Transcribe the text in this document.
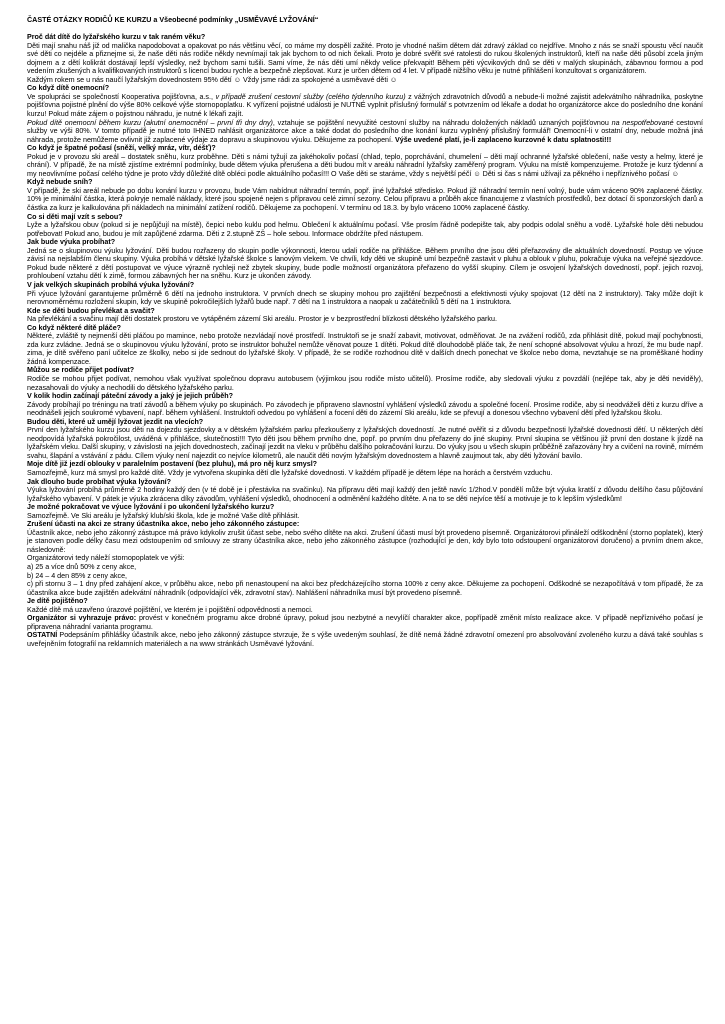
ČASTÉ OTÁZKY RODIČŮ KE KURZU a Všeobecné podmínky „USMĚVAVÉ LYŽOVÁNÍ“

Proč dát dítě do lyžařského kurzu v tak raném věku?

Děti mají snahu náš již od malička napodobovat a opakovat po nás většinu věcí, co máme my dospělí zažité. Proto je vhodné našim dětem dát zdravý základ co nejdříve. Mnoho z nás se snaží spoustu věcí naučit své děti co nejdéle a přiznejme si, že naše děti nás rodiče někdy nevnímají tak jak bychom to od nich čekali. Proto je dobré svěřit své ratolesti do rukou školených instruktorů, kteří na naše děti působí zcela jiným dojmem a z dětí kolikrát dostávají lepší výsledky, než bychom sami tušili. Sami víme, že nás děti umí někdy velice překvapit! Během pěti výcvikových dnů se děti v malých skupinách, zábavnou formou a pod vedením zkušených a kvalifikovaných instruktorů s licencí budou rychle a bezpečně zlepšovat. Kurz je určen dětem od 4 let. V případě nižšího věku je nutné přihlášení konzultovat s organizátorem.

Každým rokem se u nás naučí lyžařským dovednostem 95% dětí ☺ Vždy jsme rádi za spokojené a usměvavé děti ☺

Co když dítě onemocní?

Ve spolupráci se společností Kooperativa pojišťovna, a.s., v případě zrušení cestovní služby (celého týdenního kurzu) z vážných zdravotních důvodů a nebude-li možné zajistit adekvátního náhradníka, poskytne pojišťovna pojistné plnění do výše 80% celkové výše stornopoplatku. K vyřízení pojistné události je NUTNÉ vyplnit příslušný formulář s potvrzením od lékaře a dodat ho organizátorce akce do posledního dne konání kurzu! Pokud máte zájem o pojistnou náhradu, je nutné k lékaři zajít.

Pokud dítě onemocní během kurzu (akutní onemocnění – první tři dny dny), vztahuje se pojištění nevyužité cestovní služby na náhradu doložených nákladů uznaných pojišťovnou na nespotřebované cestovní služby ve výši 80%. V tomto případě je nutné toto IHNED nahlásit organizátorce akce a také dodat do posledního dne konání kurzu vyplněný příslušný formulář! Onemocní-li v ostatní dny, nebude možná jiná náhrada, protože nemůžeme ovlivnit již zaplacené výdaje za dopravu a skupinovou výuku. Děkujeme za pochopení. Výše uvedené platí, je-li zaplaceno kurzovné k datu splatnosti!!!

Co když je špatné počasí (sněží, velký mráz, vítr, déšť)?

Pokud je v provozu ski areál – dostatek sněhu, kurz proběhne. Děti s námi tyžují za jakéhokoliv počasí (chlad, teplo, poprchávání, chumelení – děti mají ochranné lyžařské oblečení, naše vesty a helmy, které je chrání). V případě, že na místě zjistíme extrémní podmínky, bude dětem výuka přerušena a děti budou mít v areálu náhradní lyžařsky zaměřený program. Výuku na místě kompenzujeme. Protože je kurz týdenní a my neovlivníme počasí celého týdne je proto vždy důležité dítě obléci podle aktuálního počasí!!! O Vaše děti se staráme, vždy s největší péčí ☺ Děti si čas s námi užívají za pěkného i nepříznivého počasí ☺

Když nebude sníh?

V případě, že ski areál nebude po dobu konání kurzu v provozu, bude Vám nabídnut náhradní termín, popř. jiné lyžařské středisko. Pokud již náhradní termín není volný, bude vám vráceno 90% zaplacené částky. 10% je minimální částka, která pokryje nemalé náklady, které jsou spojené nejen s přípravou celé zimní sezony. Celou přípravu a průběh akce financujeme z vlastních prostředků, bez dotací či sponzorských darů a částka za kurz je kalkulována při nákladech na minimální zatížení rodičů. Děkujeme za pochopení. V termínu od 18.3. by bylo vráceno 100% zaplacené částky.

Co si děti mají vzít s sebou?

Lyže a lyžařskou obuv (pokud si je nepůjčují na místě), čepici nebo kuklu pod helmu. Oblečení k aktuálnímu počasí. Vše prosím řádně podepište tak, aby podpis odolal sněhu a vodě. Lyžařské hole děti nebudou potřebovat! Pokud ano, budou je mít zapůjčené zdarma. Děti z 2.stupně ZŠ – hole sebou. Informace obdržíte před nástupem.

Jak bude výuka probíhat?

Jedná se o skupinovou výuku lyžování. Děti budou rozřazeny do skupin podle výkonnosti, kterou udali rodiče na přihlášce. Během prvního dne jsou děti přeřazovány dle aktuálních dovedností. Postup ve výuce závisí na nejslabším členu skupiny. Výuka probíhá v dětské lyžařské školce s lanovým vlekem. Ve chvíli, kdy děti ve skupině umí bezpečně zastavit v pluhu a oblouk v pluhu, pokračuje výuka na veřejné sjezdovce. Pokud bude některé z dětí postupovat ve výuce výrazně rychleji než zbytek skupiny, bude podle možností organizátora přeřazeno do vyšší skupiny. Cílem je osvojení lyžařských dovedností, popř. jejich rozvoj, prohloubení vztahu dětí k zimě, formou zábavných her na sněhu. Kurz je ukončen závody.

V jak velkých skupinách probíhá výuka lyžování?

Při výuce lyžování garantujeme průměrně 6 dětí na jednoho instruktora. V prvních dnech se skupiny mohou pro zajištění bezpečnosti a efektivnosti výuky spojovat (12 dětí na 2 instruktory). Taky může dojít k nerovnoměrnému rozložení skupin, kdy ve skupině pokročilejších lyžařů bude např. 7 dětí na 1 instruktora a naopak u začátečníků 5 dětí na 1 instruktora.

Kde se děti budou převlékat a svačit?

Na převlékání a svačinu mají děti dostatek prostoru ve vytápěném zázemí Ski areálu. Prostor je v bezprostřední blízkosti dětského lyžařského parku.

Co když některé dítě pláče?

Některé, zvláště ty nejmenší děti pláčou po mamince, nebo protože nezvládají nové prostředí. Instruktoři se je snaží zabavit, motivovat, odměňovat. Je na zvážení rodičů, zda přihlásit dítě, pokud mají pochybnosti, zda kurz zvládne. Jedná se o skupinovou výuku lyžování, proto se instruktor bohužel nemůže věnovat pouze 1 dítěti. Pokud dítě dlouhodobě pláče tak, že není schopné absolvovat výuku a hrozí, že mu bude např. zima, je dítě svěřeno paní učitelce ze školky, nebo si jde sednout do lyžařské školy. V případě, že se rodiče rozhodnou dítě v dalších dnech ponechat ve školce nebo doma, nevztahuje se na proměškané hodiny žádná kompenzace.

Můžou se rodiče přijet podívat?

Rodiče se mohou přijet podívat, nemohou však využívat společnou dopravu autobusem (výjimkou jsou rodiče místo učitelů). Prosíme rodiče, aby sledovali výuku z povzdálí (nejlépe tak, aby je děti neviděly), nezasahovali do výuky a nechodili do dětského lyžařského parku.

V kolik hodin začínají páteční závody a jaký je jejich průběh?

Závody probíhají po tréningu na tratí závodů a během výuky po skupinách. Po závodech je připraveno slavnostní vyhlášení výsledků závodu a společné focení. Prosíme rodiče, aby si neodváželi děti z kurzu dříve a neodnášeli jejich soukromé vybavení, např. během vyhlášení. Instruktoři odvedou po vyhlášení a focení děti do zázemí Ski areálu, kde se převují a donesou všechno vybavení dětí před lyžařskou školu.

Budou děti, které už umějí lyžovat jezdit na vlecích?

První den lyžařského kurzu jsou děti na dojezdu sjezdovky a v dětském lyžařském parku přezkoušeny z lyžařských dovedností. Je nutné ověřit si z důvodu bezpečnosti lyžařské dovednosti dětí. U některých dětí neodpovídá lyžařská pokročilost, uváděná v přihlášce, skutečnosti!!! Tyto děti jsou během prvního dne, popř. po prvním dnu přeřazeny do jiné skupiny. První skupina se většinou již první den dostane k jízdě na lyžařském vleku. Další skupiny, v závislosti na jejich dovednostech, začínají jezdit na vleku v průběhu dalšího pokračování kurzu. Do výuky jsou u všech skupin průběžně zařazovány hry a cvičení na rovině, mírném svahu, šlapání a vstávání z pádu. Cílem výuky není najezdit co nejvíce kilometrů, ale naučit děti novým lyžařským dovednostem a hlavně zaujmout tak, aby děti lyžování bavilo.

Moje dítě již jezdí oblouky v paralelním postavení (bez pluhu), má pro něj kurz smysl?

Samozřejmě, kurz má smysl pro každé dítě. Vždy je vytvořena skupinka dětí dle lyžařské dovednosti. V každém případě je dětem lépe na horách a čerstvém vzduchu.

Jak dlouho bude probíhat výuka lyžování?

Výuka lyžování probíhá průměrně 2 hodiny každý den (v té době je i přestávka na svačinku). Na přípravu děti mají každý den ještě navíc 1/2hod.V pondělí může být výuka kratší z důvodu delšího času půjčování lyžařského vybavení. V pátek je výuka zkrácena díky závodům, vyhlášení výsledků, ohodnocení a odměnění každého dítěte. A na to se děti nejvíce těší a motivuje je to k lepším výsledkům!

Je možné pokračovat ve výuce lyžování i po ukončení lyžařského kurzu?

Samozřejmě. Ve Ski areálu je lyžařský klub/ski škola, kde je možné Vaše dítě přihlásit.

Zrušení účasti na akci ze strany účastníka akce, nebo jeho zákonného zástupce:

Účastník akce, nebo jeho zákonný zástupce má právo kdykoliv zrušit účast sebe, nebo svého dítěte na akci. Zrušení účasti musí být provedeno písemně. Organizátorovi přináleží odškodnění (storno poplatek), který je stanoven podle délky času mezi odstoupením od smlouvy ze strany účastníka akce, nebo jeho zákonného zástupce (rozhodující je den, kdy bylo toto odstoupení organizátorovi doručeno) a prvním dnem akce, následovně:

Organizátorovi tedy náleží stornopoplatek ve výši:

a) 25 a více dnů 50% z ceny akce,

b) 24 – 4 den 85% z ceny akce,

c) při stornu 3 – 1 dny před zahájení akce, v průběhu akce, nebo při nenastoupení na akci bez předcházejícího storna 100% z ceny akce. Děkujeme za pochopení. Odškodné se nezapočítává v tom případě, že za účastníka akce bude zajištěn adekvátní náhradník (odpovídající věk, zdravotní stav). Nahlášení náhradníka musí být provedeno písemně.

Je dítě pojištěno?

Každé dítě má uzavřeno úrazové pojištění, ve kterém je i pojištění odpovědnosti a nemoci.

Organizátor si vyhrazuje právo: provést v konečném programu akce drobné úpravy, pokud jsou nezbytné a nevylíčí charakter akce, popřípadě změnit místo realizace akce. V případě nepříznivého počasí je připravena náhradní varianta programu.

OSTATNÍ Podepsáním přihlášky účastník akce, nebo jeho zákonný zástupce stvrzuje, že s výše uvedeným souhlasí, že dítě nemá žádné zdravotní omezení pro absolvování zvoleného kurzu a dává také souhlas s uveřejněním fotografií na reklamních materiálech a na www stránkách Usměvavé lyžování.
